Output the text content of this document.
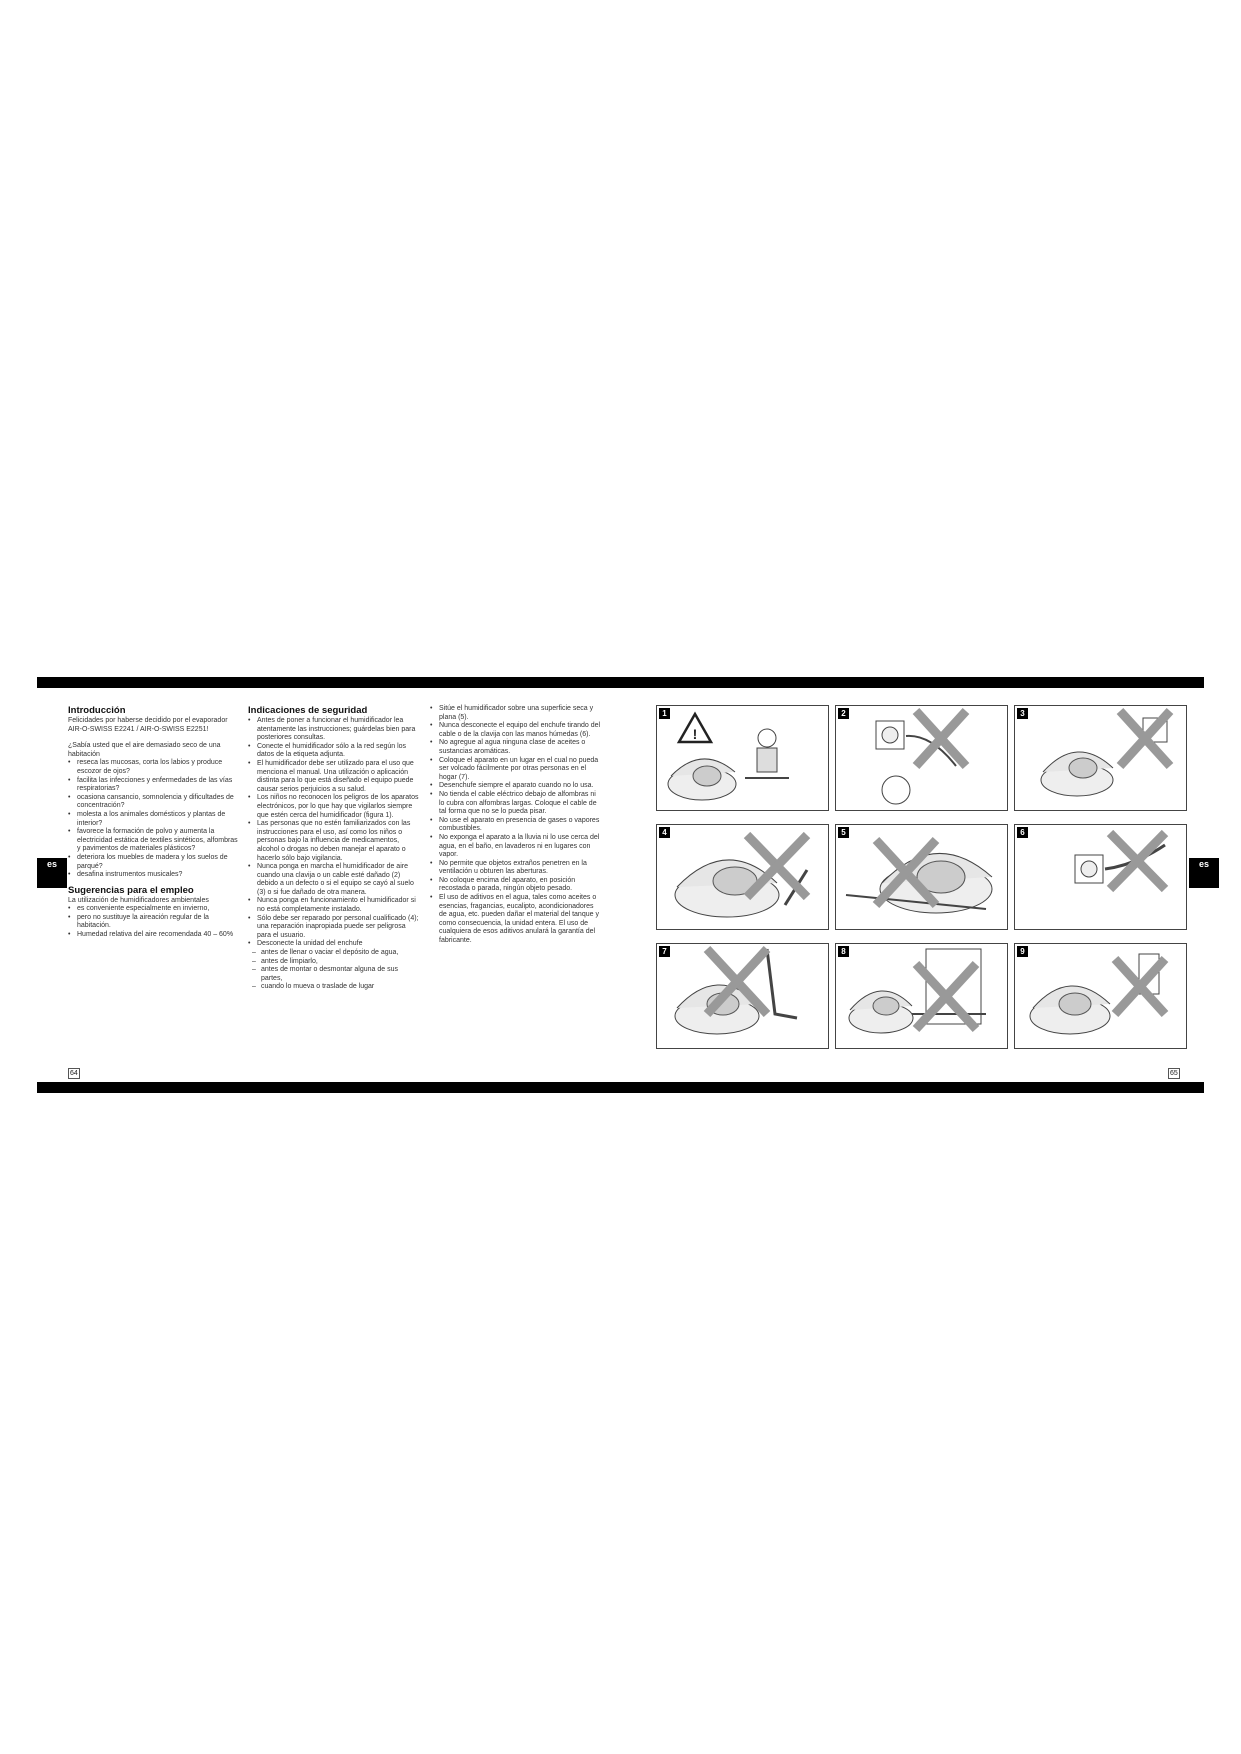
es	es
Introducción

Felicidades por haberse decidido por el evaporador AIR-O-SWISS E2241 / AIR-O-SWISS E2251!

¿Sabía usted que el aire demasiado seco de una habitación

• reseca las mucosas, corta los labios y produce escozor de ojos?
• facilita las infecciones y enfermedades de las vías respiratorias?
• ocasiona cansancio, somnolencia y dificultades de concentración?
• molesta a los animales domésticos y plantas de interior?
• favorece la formación de polvo y aumenta la electricidad estática de textiles sintéticos, alfombras y pavimentos de materiales plásticos?
• deteriora los muebles de madera y los suelos de parqué?
• desafina instrumentos musicales?
Sugerencias para el empleo

La utilización de humidificadores ambientales

• es conveniente especialmente en invierno,
• pero no sustituye la aireación regular de la habitación.
• Humedad relativa del aire recomendada 40 – 60%
Indicaciones de seguridad
• Antes de poner a funcionar el humidificador lea atentamente las instrucciones; guárdelas bien para posteriores consultas.
• Conecte el humidificador sólo a la red según los datos de la etiqueta adjunta.
• El humidificador debe ser utilizado para el uso que menciona el manual. Una utilización o aplicación distinta para lo que está diseñado el equipo puede causar serios perjuicios a su salud.
• Los niños no reconocen los peligros de los aparatos electrónicos, por lo que hay que vigilarlos siempre que estén cerca del humidificador (figura 1).
• Las personas que no estén familiarizados con las instrucciones para el uso, así como los niños o personas bajo la influencia de medicamentos, alcohol o drogas no deben manejar el aparato o hacerlo sólo bajo vigilancia.
• Nunca ponga en marcha el humidificador de aire cuando una clavija o un cable esté dañado (2) debido a un defecto o si el equipo se cayó al suelo (3) o si fue dañado de otra manera.
• Nunca ponga en funcionamiento el humidificador si no está completamente instalado.
• Sólo debe ser reparado por personal cualificado (4); una reparación inapropiada puede ser peligrosa para el usuario.
• Desconecte la unidad del enchufe
– antes de llenar o vaciar el depósito de agua,
– antes de limpiarlo,
– antes de montar o desmontar alguna de sus partes,
– cuando lo mueva o traslade de lugar
• Sitúe el humidificador sobre una superficie seca y plana (5).
• Nunca desconecte el equipo del enchufe tirando del cable o de la clavija con las manos húmedas (6).
• No agregue al agua ninguna clase de aceites o sustancias aromáticas.
• Coloque el aparato en un lugar en el cual no pueda ser volcado fácilmente por otras personas en el hogar (7).
• Desenchufe siempre el aparato cuando no lo usa.
• No tienda el cable eléctrico debajo de alfombras ni lo cubra con alfombras largas. Coloque el cable de tal forma que no se lo pueda pisar.
• No use el aparato en presencia de gases o vapores combustibles.
• No exponga el aparato a la lluvia ni lo use cerca del agua, en el baño, en lavaderos ni en lugares con vapor.
• No permite que objetos extraños penetren en la ventilación u obturen las aberturas.
• No coloque encima del aparato, en posición recostada o parada, ningún objeto pesado.
• El uso de aditivos en el agua, tales como aceites o esencias, fragancias, eucalipto, acondicionadores de agua, etc. pueden dañar el material del tanque y como consecuencia, la unidad entera. El uso de cualquiera de esos aditivos anulará la garantía del fabricante.
!
1	2	3
4	5	6
7	8	9
64	65
